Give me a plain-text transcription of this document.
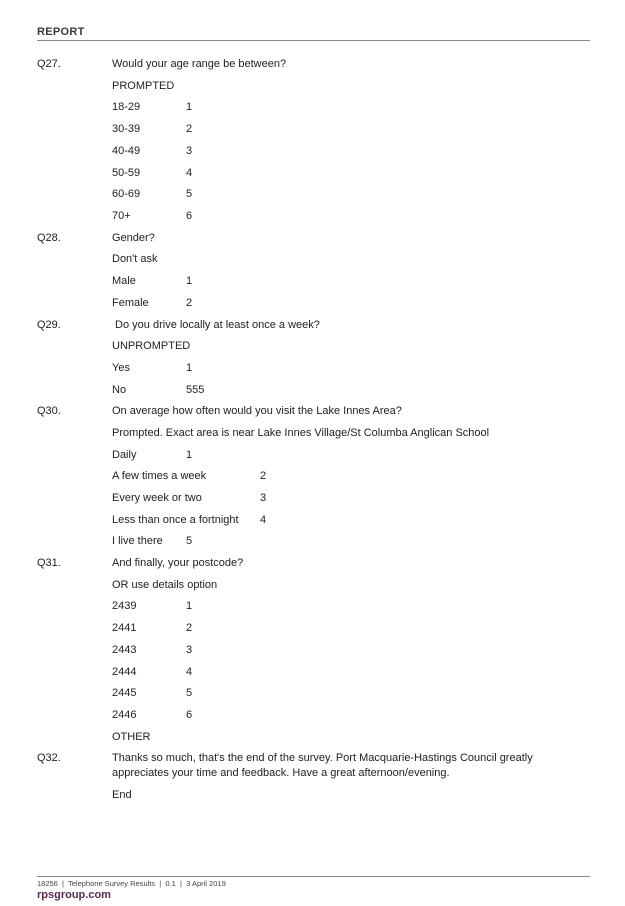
REPORT
Q27.	Would your age range be between?
PROMPTED
18-29	1
30-39	2
40-49	3
50-59	4
60-69	5
70+	6
Q28.	Gender?
Don't ask
Male	1
Female	2
Q29.	Do you drive locally at least once a week?
UNPROMPTED
Yes	1
No	555
Q30.	On average how often would you visit the Lake Innes Area?
Prompted. Exact area is near Lake Innes Village/St Columba Anglican School
Daily	1
A few times a week	2
Every week or two	3
Less than once a fortnight 4
I live there 5
Q31.	And finally, your postcode?
OR use details option
2439	1
2441	2
2443	3
2444	4
2445	5
2446	6
OTHER
Q32.	Thanks so much, that's the end of the survey. Port Macquarie-Hastings Council greatly appreciates your time and feedback. Have a great afternoon/evening.
End
18256  |  Telephone Survey Results  |  0.1  |  3 April 2019
rpsgroup.com
